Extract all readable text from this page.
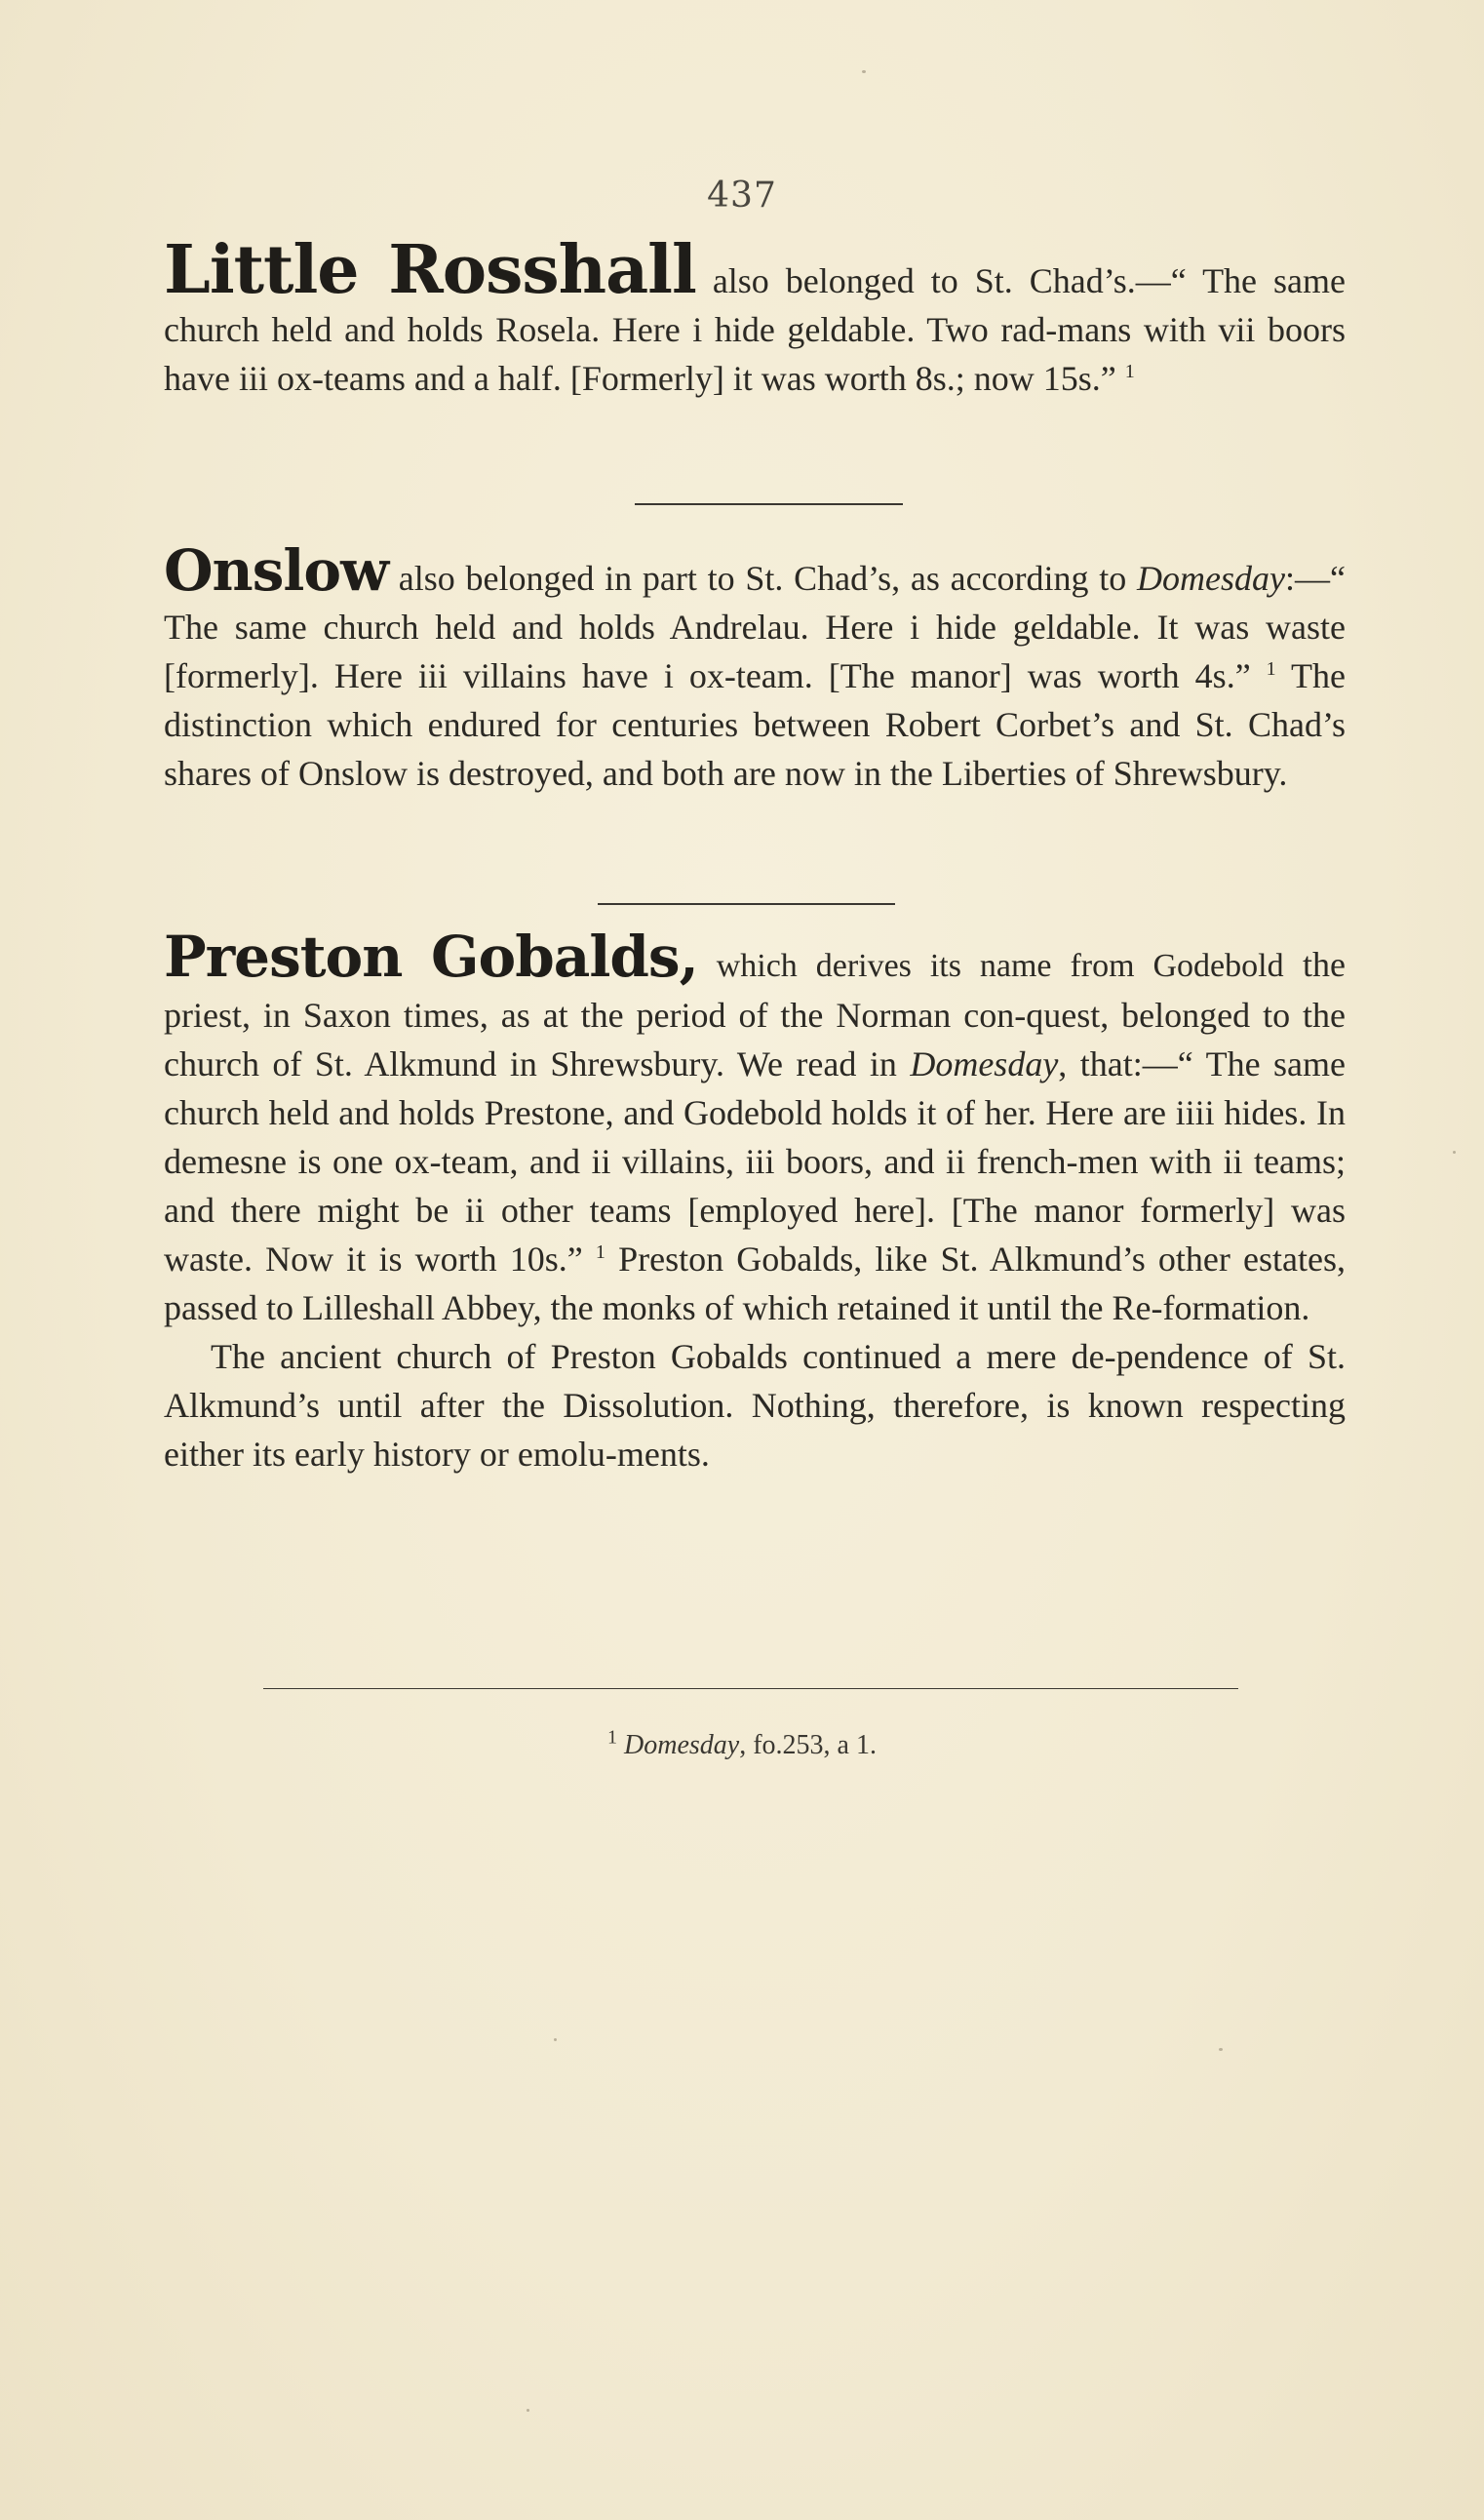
437

Little Rosshall also belonged to St. Chad’s.—“ The same church held and holds Rosela. Here i hide geldable. Two rad-mans with vii boors have iii ox-teams and a half. [Formerly] it was worth 8s.; now 15s.” $^1$

Onslow also belonged in part to St. Chad’s, as according to Domesday:—“ The same church held and holds Andrelau. Here i hide geldable. It was waste [formerly]. Here iii villains have i ox-team. [The manor] was worth 4s.” $^1$ The distinction which endured for centuries between Robert Corbet’s and St. Chad’s shares of Onslow is destroyed, and both are now in the Liberties of Shrewsbury.

Preston Gobalds, which derives its name from Godebold the priest, in Saxon times, as at the period of the Norman con-quest, belonged to the church of St. Alkmund in Shrewsbury. We read in Domesday, that:—“ The same church held and holds Prestone, and Godebold holds it of her. Here are iiii hides. In demesne is one ox-team, and ii villains, iii boors, and ii french-men with ii teams; and there might be ii other teams [employed here]. [The manor formerly] was waste. Now it is worth 10s.” $^1$ Preston Gobalds, like St. Alkmund’s other estates, passed to Lilleshall Abbey, the monks of which retained it until the Re-formation.

The ancient church of Preston Gobalds continued a mere de-pendence of St. Alkmund’s until after the Dissolution. Nothing, therefore, is known respecting either its early history or emolu-ments.

$^1$ Domesday, fo.253, a 1.
